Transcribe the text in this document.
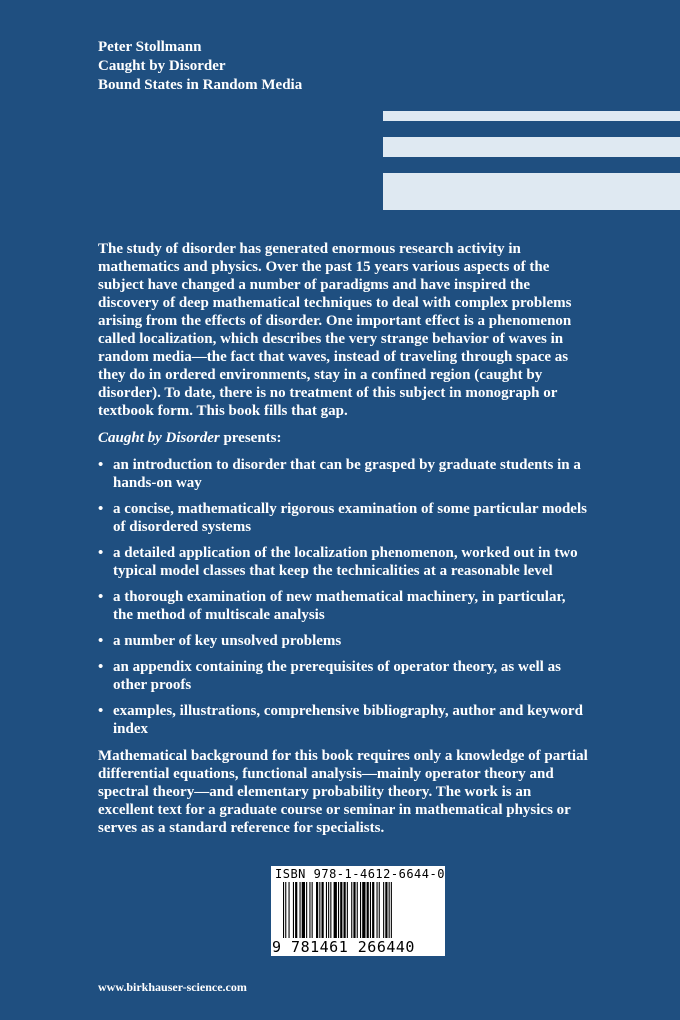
Peter Stollmann
Caught by Disorder
Bound States in Random Media

The study of disorder has generated enormous research activity in mathematics and physics. Over the past 15 years various aspects of the subject have changed a number of paradigms and have inspired the discovery of deep mathematical techniques to deal with complex problems arising from the effects of disorder. One important effect is a phenomenon called localization, which describes the very strange behavior of waves in random media—the fact that waves, instead of traveling through space as they do in ordered environments, stay in a confined region (caught by disorder). To date, there is no treatment of this subject in monograph or textbook form. This book fills that gap.

Caught by Disorder presents:

• an introduction to disorder that can be grasped by graduate students in a hands-on way
• a concise, mathematically rigorous examination of some particular models of disordered systems
• a detailed application of the localization phenomenon, worked out in two typical model classes that keep the technicalities at a reasonable level
• a thorough examination of new mathematical machinery, in particular, the method of multiscale analysis
• a number of key unsolved problems
• an appendix containing the prerequisites of operator theory, as well as other proofs
• examples, illustrations, comprehensive bibliography, author and keyword index

Mathematical background for this book requires only a knowledge of partial differential equations, functional analysis—mainly operator theory and spectral theory—and elementary probability theory. The work is an excellent text for a graduate course or seminar in mathematical physics or serves as a standard reference for specialists.

ISBN 978-1-4612-6644-0
9 781461 266440
www.birkhauser-science.com
